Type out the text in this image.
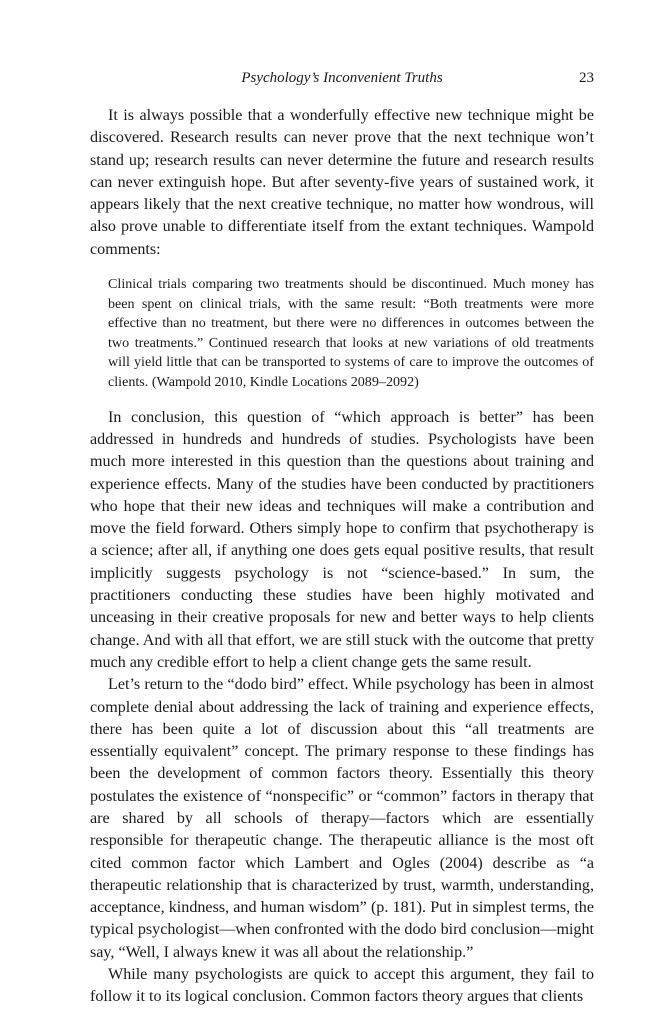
Psychology’s Inconvenient Truths	23

It is always possible that a wonderfully effective new technique might be discovered. Research results can never prove that the next technique won’t stand up; research results can never determine the future and research results can never extinguish hope. But after seventy-five years of sustained work, it appears likely that the next creative technique, no matter how wondrous, will also prove unable to differentiate itself from the extant techniques. Wampold comments:

Clinical trials comparing two treatments should be discontinued. Much money has been spent on clinical trials, with the same result: “Both treatments were more effective than no treatment, but there were no differences in outcomes between the two treatments.” Continued research that looks at new variations of old treatments will yield little that can be transported to systems of care to improve the outcomes of clients. (Wampold 2010, Kindle Locations 2089–2092)

In conclusion, this question of “which approach is better” has been addressed in hundreds and hundreds of studies. Psychologists have been much more interested in this question than the questions about training and experience effects. Many of the studies have been conducted by practitioners who hope that their new ideas and techniques will make a contribution and move the field forward. Others simply hope to confirm that psychotherapy is a science; after all, if anything one does gets equal positive results, that result implicitly suggests psychology is not “science-based.” In sum, the practitioners conducting these studies have been highly motivated and unceasing in their creative proposals for new and better ways to help clients change. And with all that effort, we are still stuck with the outcome that pretty much any credible effort to help a client change gets the same result.

Let’s return to the “dodo bird” effect. While psychology has been in almost complete denial about addressing the lack of training and experience effects, there has been quite a lot of discussion about this “all treatments are essentially equivalent” concept. The primary response to these findings has been the development of common factors theory. Essentially this theory postulates the existence of “nonspecific” or “common” factors in therapy that are shared by all schools of therapy—factors which are essentially responsible for therapeutic change. The therapeutic alliance is the most oft cited common factor which Lambert and Ogles (2004) describe as “a therapeutic relationship that is characterized by trust, warmth, understanding, acceptance, kindness, and human wisdom” (p. 181). Put in simplest terms, the typical psychologist—when confronted with the dodo bird conclusion—might say, “Well, I always knew it was all about the relationship.”

While many psychologists are quick to accept this argument, they fail to follow it to its logical conclusion. Common factors theory argues that clients
